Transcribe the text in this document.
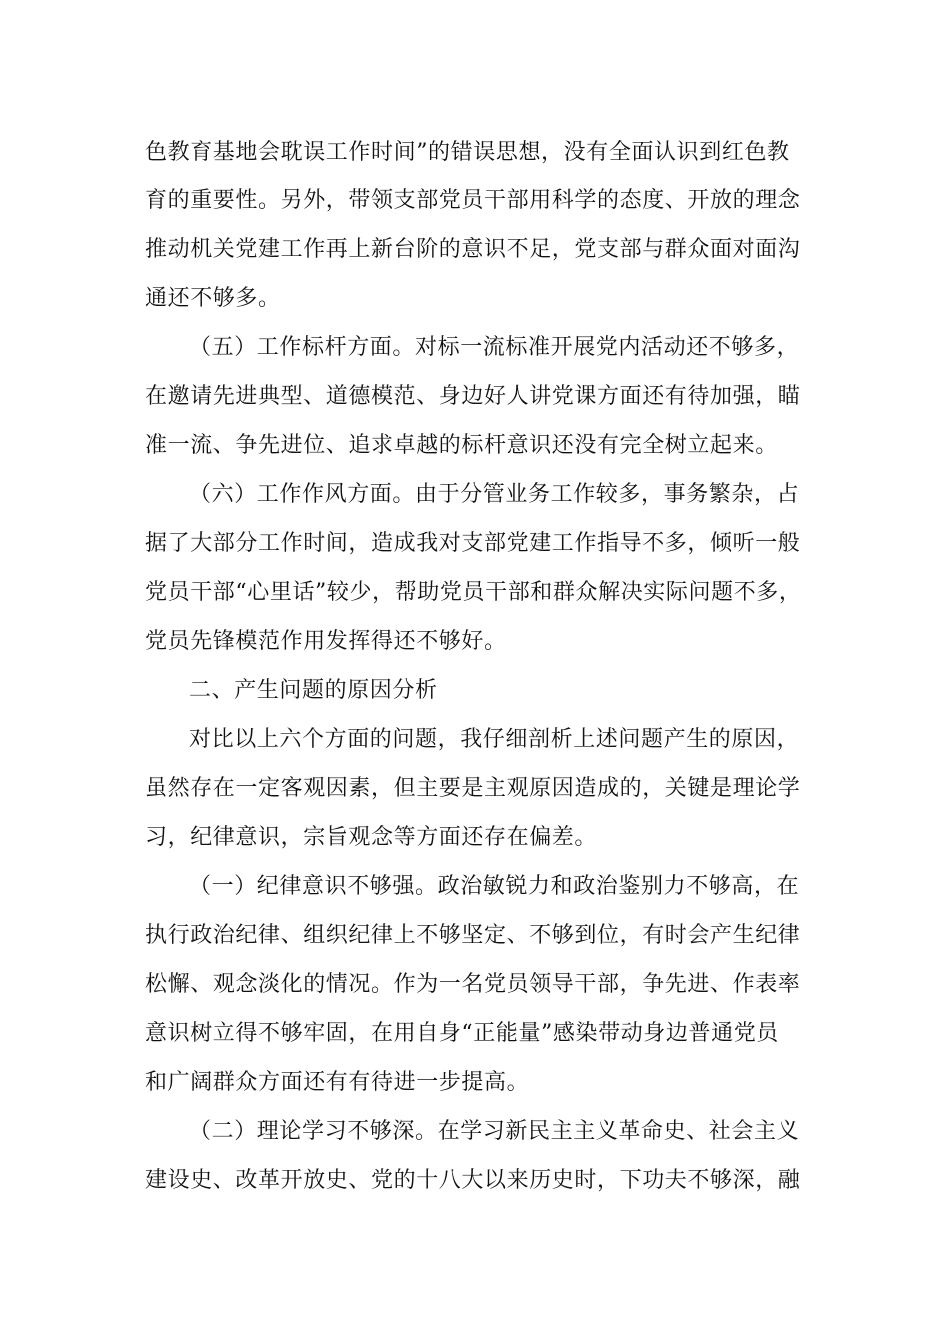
色教育基地会耽误工作时间”的错误思想，没有全面认识到红色教
育的重要性。另外，带领支部党员干部用科学的态度、开放的理念
推动机关党建工作再上新台阶的意识不足，党支部与群众面对面沟
通还不够多。
（五）工作标杆方面。对标一流标准开展党内活动还不够多，
在邀请先进典型、道德模范、身边好人讲党课方面还有待加强，瞄
准一流、争先进位、追求卓越的标杆意识还没有完全树立起来。
（六）工作作风方面。由于分管业务工作较多，事务繁杂，占
据了大部分工作时间，造成我对支部党建工作指导不多，倾听一般
党员干部“心里话”较少，帮助党员干部和群众解决实际问题不多，
党员先锋模范作用发挥得还不够好。
二、产生问题的原因分析
对比以上六个方面的问题，我仔细剖析上述问题产生的原因，
虽然存在一定客观因素，但主要是主观原因造成的，关键是理论学
习，纪律意识，宗旨观念等方面还存在偏差。
（一）纪律意识不够强。政治敏锐力和政治鉴别力不够高，在
执行政治纪律、组织纪律上不够坚定、不够到位，有时会产生纪律
松懈、观念淡化的情况。作为一名党员领导干部，争先进、作表率
意识树立得不够牢固，在用自身“正能量”感染带动身边普通党员
和广阔群众方面还有有待进一步提高。
（二）理论学习不够深。在学习新民主主义革命史、社会主义
建设史、改革开放史、党的十八大以来历史时，下功夫不够深，融
